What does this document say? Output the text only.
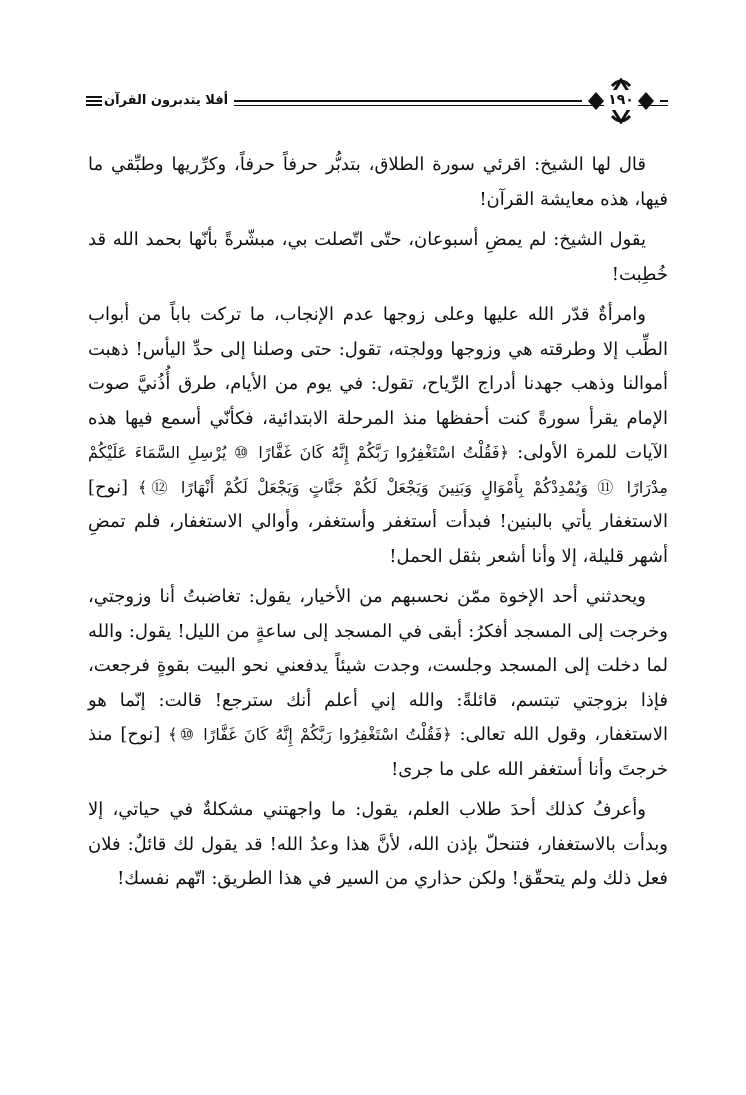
١٩٠
أفلا يتدبرون القرآن

قال لها الشيخ: اقرئي سورة الطلاق، بتدبُّر حرفاً حرفاً، وكرِّريها وطبِّقي ما فيها، هذه معايشة القرآن!

يقول الشيخ: لم يمضِ أسبوعان، حتّى اتّصلت بي، مبشّرةً بأنّها بحمد الله قد خُطِبت!

وامرأةٌ قدّر الله عليها وعلى زوجها عدم الإنجاب، ما تركت باباً من أبواب الطِّب إلا وطرقته هي وزوجها وولجته، تقول: حتى وصلنا إلى حدِّ اليأس! ذهبت أموالنا وذهب جهدنا أدراج الرِّياح، تقول: في يوم من الأيام، طرق أُذُنيَّ صوت الإمام يقرأ سورةً كنت أحفظها منذ المرحلة الابتدائية، فكأنّي أسمع فيها هذه الآيات للمرة الأولى: ﴿فَقُلْتُ اسْتَغْفِرُوا رَبَّكُمْ إِنَّهُ كَانَ غَفَّارًا ⑩ يُرْسِلِ السَّمَاءَ عَلَيْكُمْ مِدْرَارًا ⑪ وَيُمْدِدْكُمْ بِأَمْوَالٍ وَبَنِينَ وَيَجْعَلْ لَكُمْ جَنَّاتٍ وَيَجْعَلْ لَكُمْ أَنْهَارًا ⑫﴾ [نوح] الاستغفار يأتي بالبنين! فبدأت أستغفر وأستغفر، وأوالي الاستغفار، فلم تمضِ أشهر قليلة، إلا وأنا أشعر بثقل الحمل!

ويحدثني أحد الإخوة ممّن نحسبهم من الأخيار، يقول: تغاضبتُ أنا وزوجتي، وخرجت إلى المسجد أفكرُ: أبقى في المسجد إلى ساعةٍ من الليل! يقول: والله لما دخلت إلى المسجد وجلست، وجدت شيئاً يدفعني نحو البيت بقوةٍ فرجعت، فإذا بزوجتي تبتسم، قائلةً: والله إني أعلم أنك سترجع! قالت: إنّما هو الاستغفار، وقول الله تعالى: ﴿فَقُلْتُ اسْتَغْفِرُوا رَبَّكُمْ إِنَّهُ كَانَ غَفَّارًا ⑩﴾ [نوح] منذ خرجتَ وأنا أستغفر الله على ما جرى!

وأعرفُ كذلك أحدَ طلاب العلم، يقول: ما واجهتني مشكلةٌ في حياتي، إلا وبدأت بالاستغفار، فتنحلّ بإذن الله، لأنَّ هذا وعدُ الله! قد يقول لك قائلٌ: فلان فعل ذلك ولم يتحقّق! ولكن حذاري من السير في هذا الطريق: اتّهم نفسك!
